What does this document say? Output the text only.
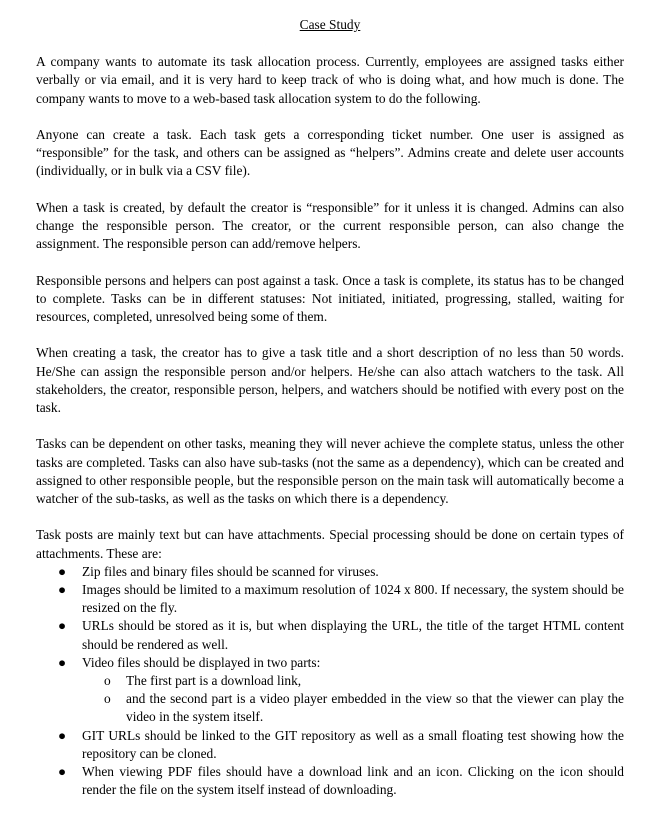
Case Study

A company wants to automate its task allocation process. Currently, employees are assigned tasks either verbally or via email, and it is very hard to keep track of who is doing what, and how much is done. The company wants to move to a web-based task allocation system to do the following.

Anyone can create a task. Each task gets a corresponding ticket number. One user is assigned as “responsible” for the task, and others can be assigned as “helpers”. Admins create and delete user accounts (individually, or in bulk via a CSV file).

When a task is created, by default the creator is “responsible” for it unless it is changed. Admins can also change the responsible person. The creator, or the current responsible person, can also change the assignment. The responsible person can add/remove helpers.

Responsible persons and helpers can post against a task. Once a task is complete, its status has to be changed to complete. Tasks can be in different statuses: Not initiated, initiated, progressing, stalled, waiting for resources, completed, unresolved being some of them.

When creating a task, the creator has to give a task title and a short description of no less than 50 words. He/She can assign the responsible person and/or helpers. He/she can also attach watchers to the task. All stakeholders, the creator, responsible person, helpers, and watchers should be notified with every post on the task.

Tasks can be dependent on other tasks, meaning they will never achieve the complete status, unless the other tasks are completed. Tasks can also have sub-tasks (not the same as a dependency), which can be created and assigned to other responsible people, but the responsible person on the main task will automatically become a watcher of the sub-tasks, as well as the tasks on which there is a dependency.

Task posts are mainly text but can have attachments. Special processing should be done on certain types of attachments. These are:

● Zip files and binary files should be scanned for viruses.
● Images should be limited to a maximum resolution of 1024 x 800. If necessary, the system should be resized on the fly.
● URLs should be stored as it is, but when displaying the URL, the title of the target HTML content should be rendered as well.
● Video files should be displayed in two parts:
o The first part is a download link,
o and the second part is a video player embedded in the view so that the viewer can play the video in the system itself.
● GIT URLs should be linked to the GIT repository as well as a small floating test showing how the repository can be cloned.
● When viewing PDF files should have a download link and an icon. Clicking on the icon should render the file on the system itself instead of downloading.
